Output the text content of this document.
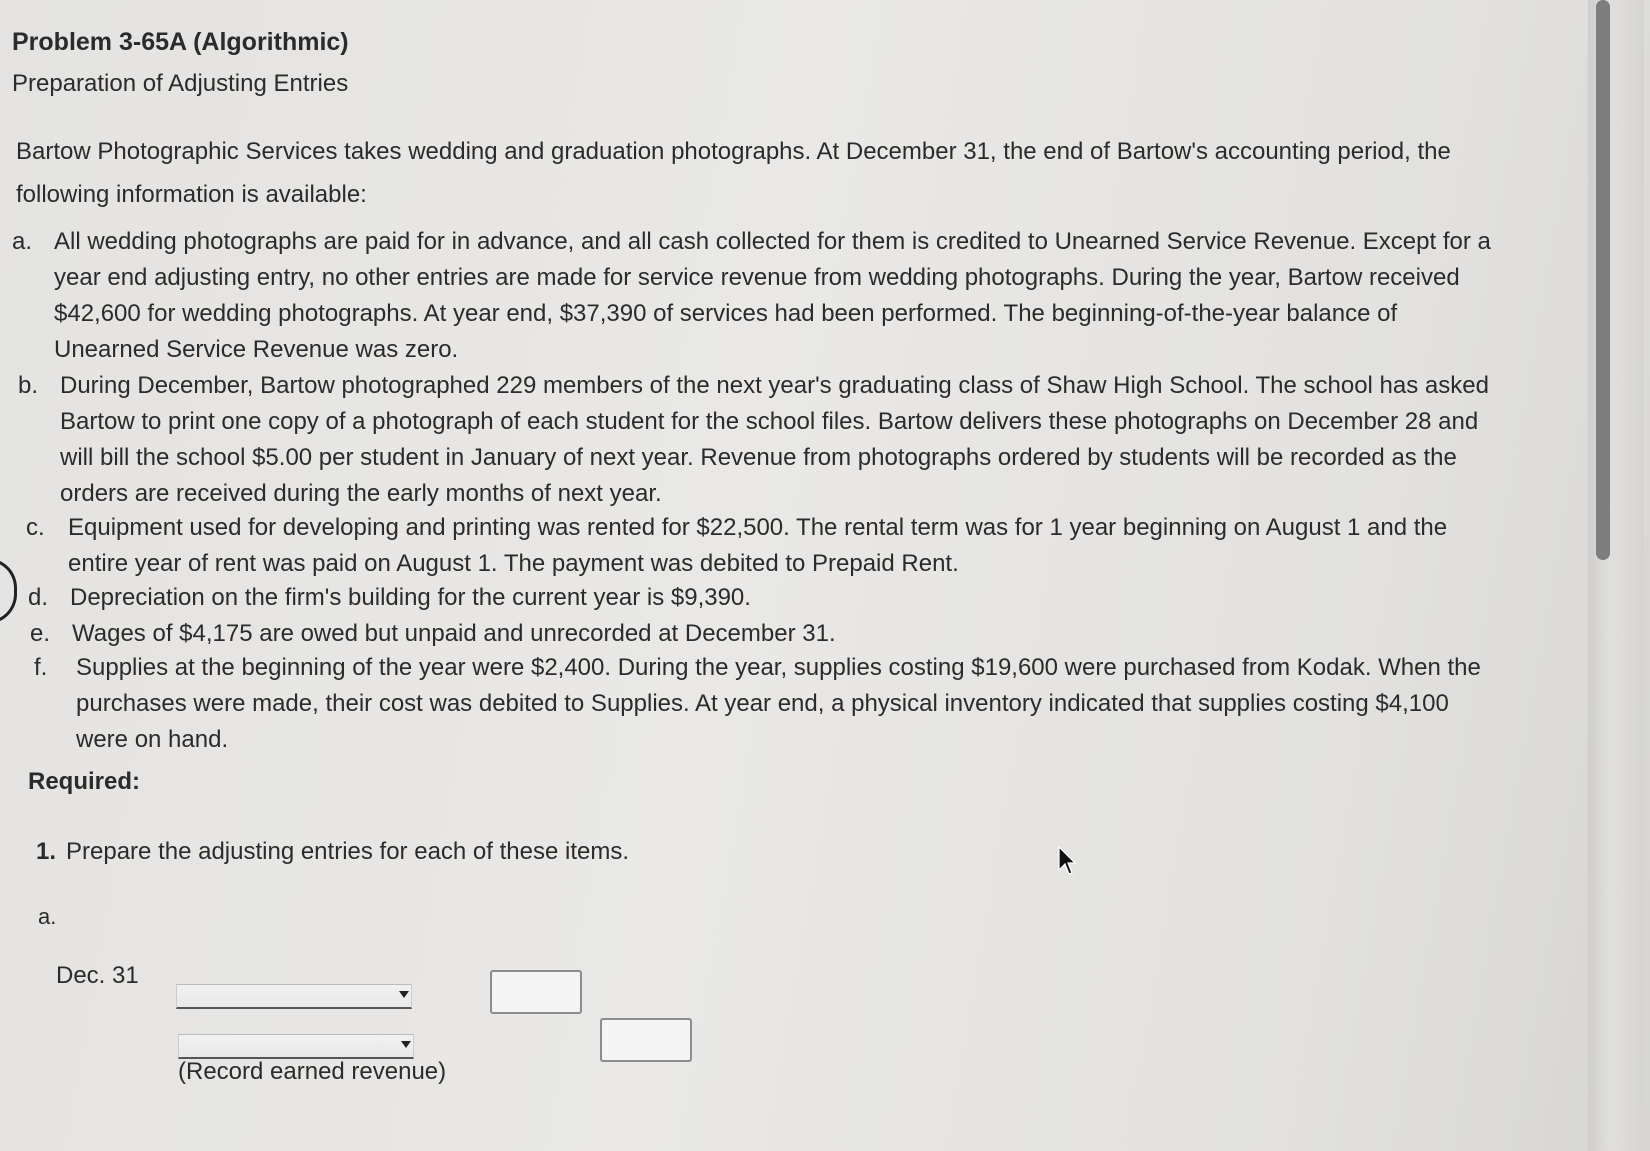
Problem 3-65A (Algorithmic)
Preparation of Adjusting Entries
Bartow Photographic Services takes wedding and graduation photographs. At December 31, the end of Bartow's accounting period, the following information is available:
a. All wedding photographs are paid for in advance, and all cash collected for them is credited to Unearned Service Revenue. Except for a year end adjusting entry, no other entries are made for service revenue from wedding photographs. During the year, Bartow received $42,600 for wedding photographs. At year end, $37,390 of services had been performed. The beginning-of-the-year balance of Unearned Service Revenue was zero.
b. During December, Bartow photographed 229 members of the next year's graduating class of Shaw High School. The school has asked Bartow to print one copy of a photograph of each student for the school files. Bartow delivers these photographs on December 28 and will bill the school $5.00 per student in January of next year. Revenue from photographs ordered by students will be recorded as the orders are received during the early months of next year.
c. Equipment used for developing and printing was rented for $22,500. The rental term was for 1 year beginning on August 1 and the entire year of rent was paid on August 1. The payment was debited to Prepaid Rent.
d. Depreciation on the firm's building for the current year is $9,390.
e. Wages of $4,175 are owed but unpaid and unrecorded at December 31.
f.	Supplies at the beginning of the year were $2,400. During the year, supplies costing $19,600 were purchased from Kodak. When the purchases were made, their cost was debited to Supplies. At year end, a physical inventory indicated that supplies costing $4,100 were on hand.
Required:
1. Prepare the adjusting entries for each of these items.
a.
Dec. 31
(Record earned revenue)
